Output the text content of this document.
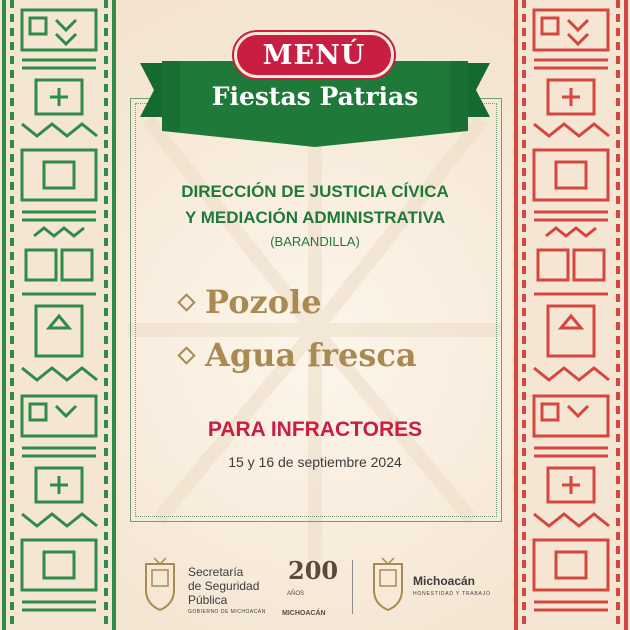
MENÚ
Fiestas Patrias
DIRECCIÓN DE JUSTICIA CÍVICA
Y MEDIACIÓN ADMINISTRATIVA
(BARANDILLA)
Pozole
Agua fresca
PARA INFRACTORES
15 y 16 de septiembre 2024
Secretaría
de Seguridad
Pública
GOBIERNO DE MICHOACÁN
200
AÑOS
MICHOACÁN
Michoacán
HONESTIDAD Y TRABAJO
